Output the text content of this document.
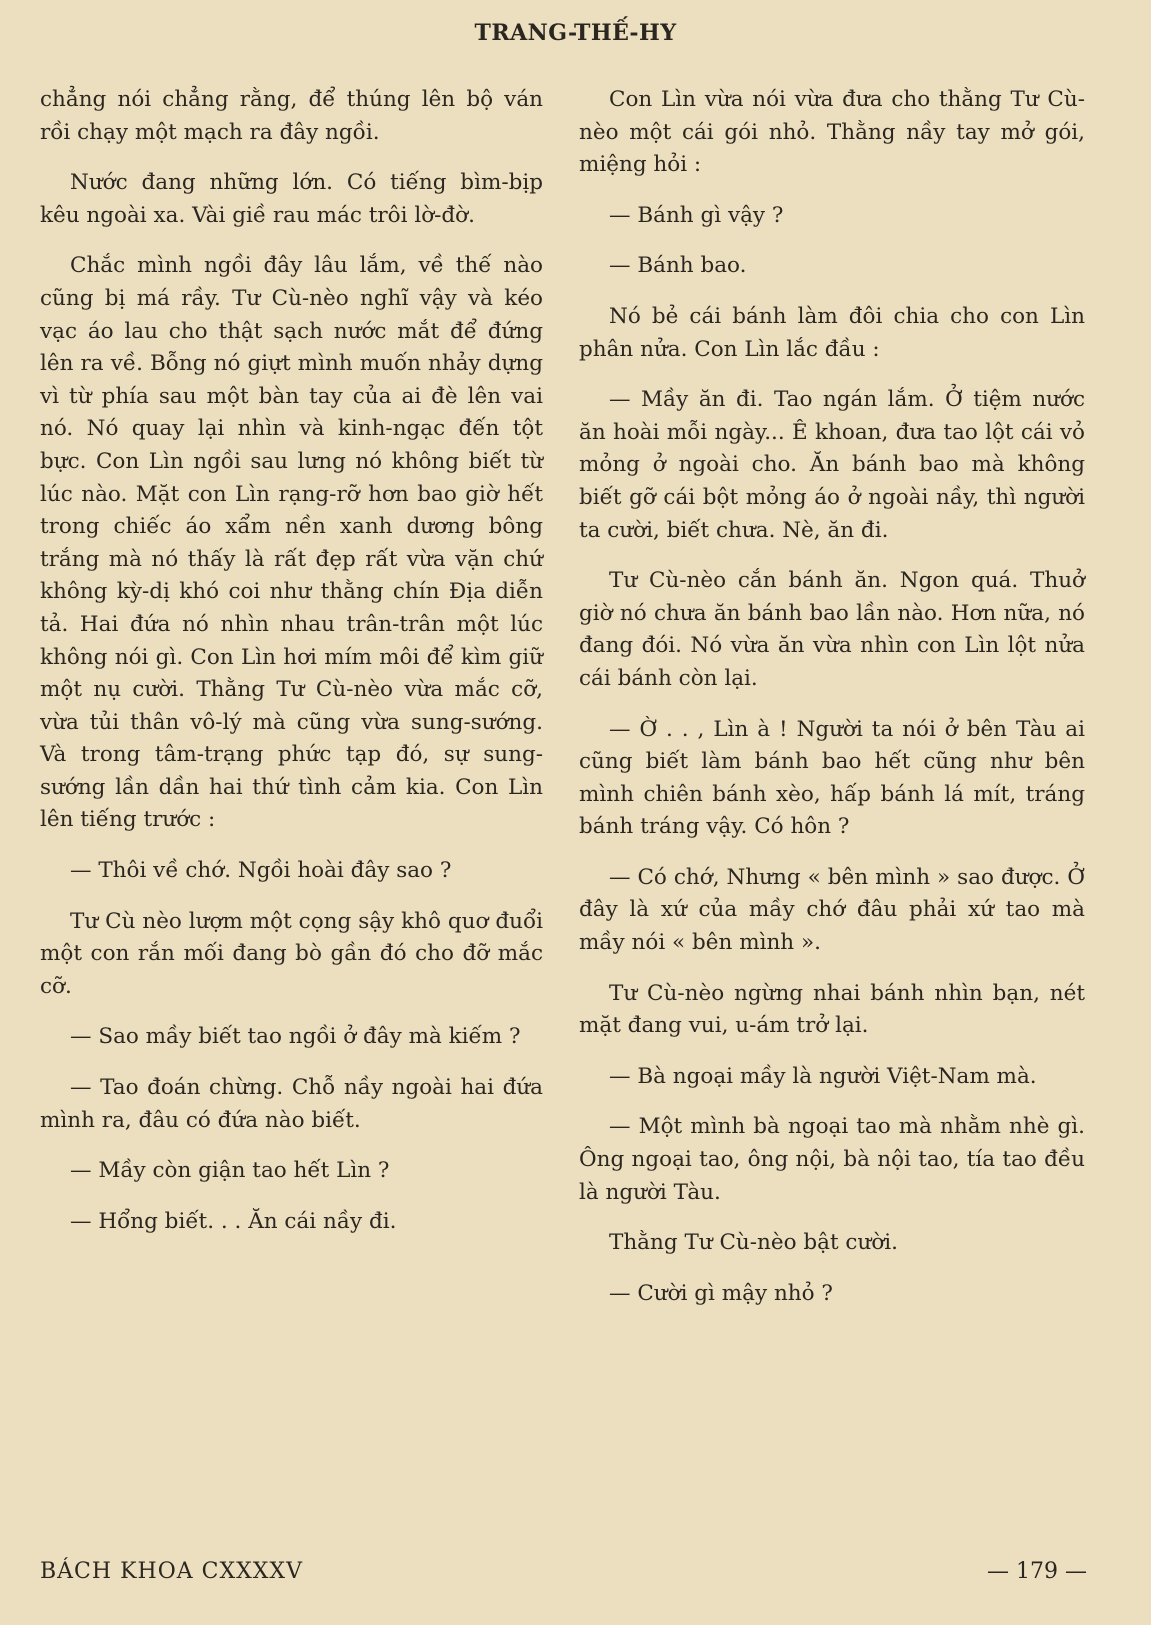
TRANG-THẾ-HY

chẳng nói chẳng rằng, để thúng lên bộ ván rồi chạy một mạch ra đây ngồi.

Nước đang những lớn. Có tiếng bìm-bịp kêu ngoài xa. Vài giề rau mác trôi lờ-đờ.

Chắc mình ngồi đây lâu lắm, về thế nào cũng bị má rầy. Tư Cù-nèo nghĩ vậy và kéo vạc áo lau cho thật sạch nước mắt để đứng lên ra về. Bỗng nó giựt mình muốn nhảy dựng vì từ phía sau một bàn tay của ai đè lên vai nó. Nó quay lại nhìn và kinh-ngạc đến tột bực. Con Lìn ngồi sau lưng nó không biết từ lúc nào. Mặt con Lìn rạng-rỡ hơn bao giờ hết trong chiếc áo xẩm nền xanh dương bông trắng mà nó thấy là rất đẹp rất vừa vặn chứ không kỳ-dị khó coi như thằng chín Địa diễn tả. Hai đứa nó nhìn nhau trân-trân một lúc không nói gì. Con Lìn hơi mím môi để kìm giữ một nụ cười. Thằng Tư Cù-nèo vừa mắc cỡ, vừa tủi thân vô-lý mà cũng vừa sung-sướng. Và trong tâm-trạng phức tạp đó, sự sung-sướng lần dần hai thứ tình cảm kia. Con Lìn lên tiếng trước :

— Thôi về chớ. Ngồi hoài đây sao ?

Tư Cù nèo lượm một cọng sậy khô quơ đuổi một con rắn mối đang bò gần đó cho đỡ mắc cỡ.

— Sao mầy biết tao ngồi ở đây mà kiếm ?

— Tao đoán chừng. Chỗ nầy ngoài hai đứa mình ra, đâu có đứa nào biết.

— Mầy còn giận tao hết Lìn ?

— Hổng biết. . . Ăn cái nầy đi.

Con Lìn vừa nói vừa đưa cho thằng Tư Cù-nèo một cái gói nhỏ. Thằng nầy tay mở gói, miệng hỏi :

— Bánh gì vậy ?

— Bánh bao.

Nó bẻ cái bánh làm đôi chia cho con Lìn phân nửa. Con Lìn lắc đầu :

— Mầy ăn đi. Tao ngán lắm. Ở tiệm nước ăn hoài mỗi ngày... Ê khoan, đưa tao lột cái vỏ mỏng ở ngoài cho. Ăn bánh bao mà không biết gỡ cái bột mỏng áo ở ngoài nầy, thì người ta cười, biết chưa. Nè, ăn đi.

Tư Cù-nèo cắn bánh ăn. Ngon quá. Thuở giờ nó chưa ăn bánh bao lần nào. Hơn nữa, nó đang đói. Nó vừa ăn vừa nhìn con Lìn lột nửa cái bánh còn lại.

— Ờ . . , Lìn à ! Người ta nói ở bên Tàu ai cũng biết làm bánh bao hết cũng như bên mình chiên bánh xèo, hấp bánh lá mít, tráng bánh tráng vậy. Có hôn ?

— Có chớ, Nhưng « bên mình » sao được. Ở đây là xứ của mầy chớ đâu phải xứ tao mà mầy nói « bên mình ».

Tư Cù-nèo ngừng nhai bánh nhìn bạn, nét mặt đang vui, u-ám trở lại.

— Bà ngoại mầy là người Việt-Nam mà.

— Một mình bà ngoại tao mà nhằm nhè gì. Ông ngoại tao, ông nội, bà nội tao, tía tao đều là người Tàu.

Thằng Tư Cù-nèo bật cười.

— Cười gì mậy nhỏ ?

BÁCH KHOA CXXXXV	— 179 —
